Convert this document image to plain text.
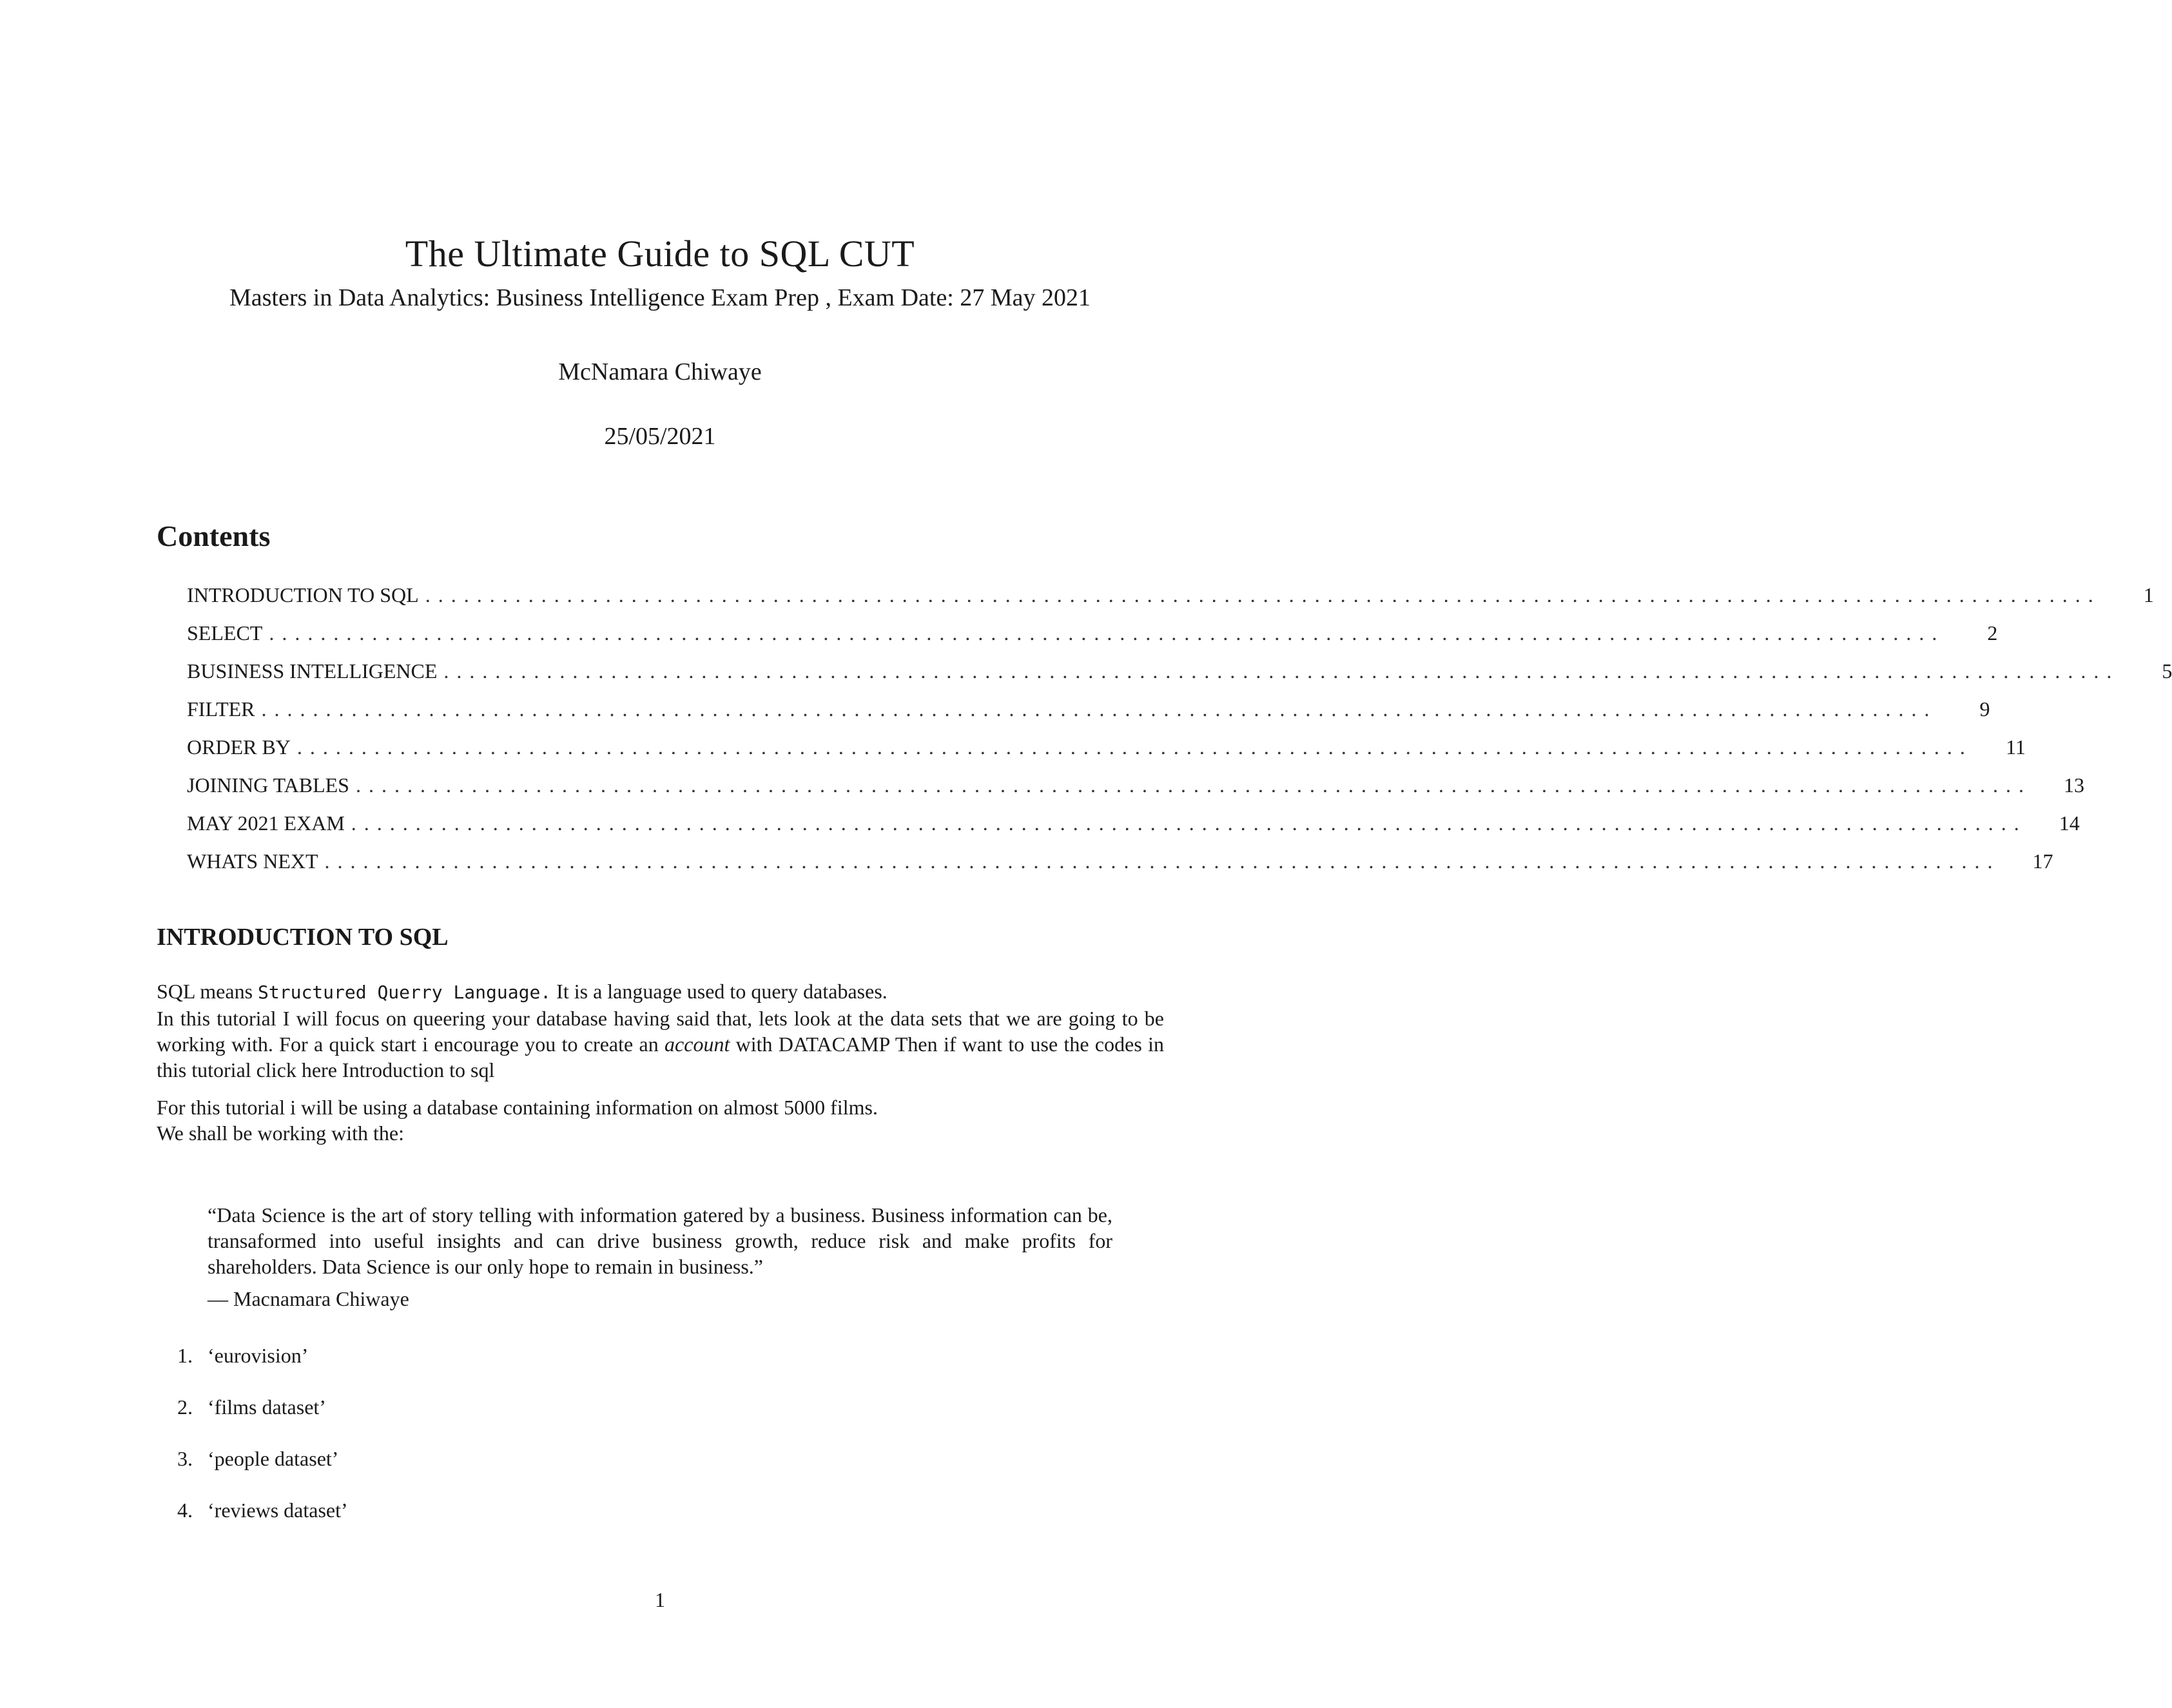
The Ultimate Guide to SQL CUT
Masters in Data Analytics: Business Intelligence Exam Prep , Exam Date: 27 May 2021
McNamara Chiwaye
25/05/2021
Contents
INTRODUCTION TO SQL ..................................................................................................................................	1
SELECT ..................................................................................................................................	2
BUSINESS INTELLIGENCE ..................................................................................................................................	5
FILTER ..................................................................................................................................	9
ORDER BY ..................................................................................................................................	11
JOINING TABLES ..................................................................................................................................	13
MAY 2021 EXAM ..................................................................................................................................	14
WHATS NEXT ..................................................................................................................................	17
INTRODUCTION TO SQL
SQL means Structured Querry Language. It is a language used to query databases.
In this tutorial I will focus on queering your database having said that, lets look at the data sets that we are going to be working with. For a quick start i encourage you to create an account with DATACAMP Then if want to use the codes in this tutorial click here Introduction to sql
For this tutorial i will be using a database containing information on almost 5000 films.
We shall be working with the:
“Data Science is the art of story telling with information gatered by a business. Business information can be, transaformed into useful insights and can drive business growth, reduce risk and make profits for shareholders. Data Science is our only hope to remain in business.”
— Macnamara Chiwaye
1. ‘eurovision’
2. ‘films dataset’
3. ‘people dataset’
4. ‘reviews dataset’
1
